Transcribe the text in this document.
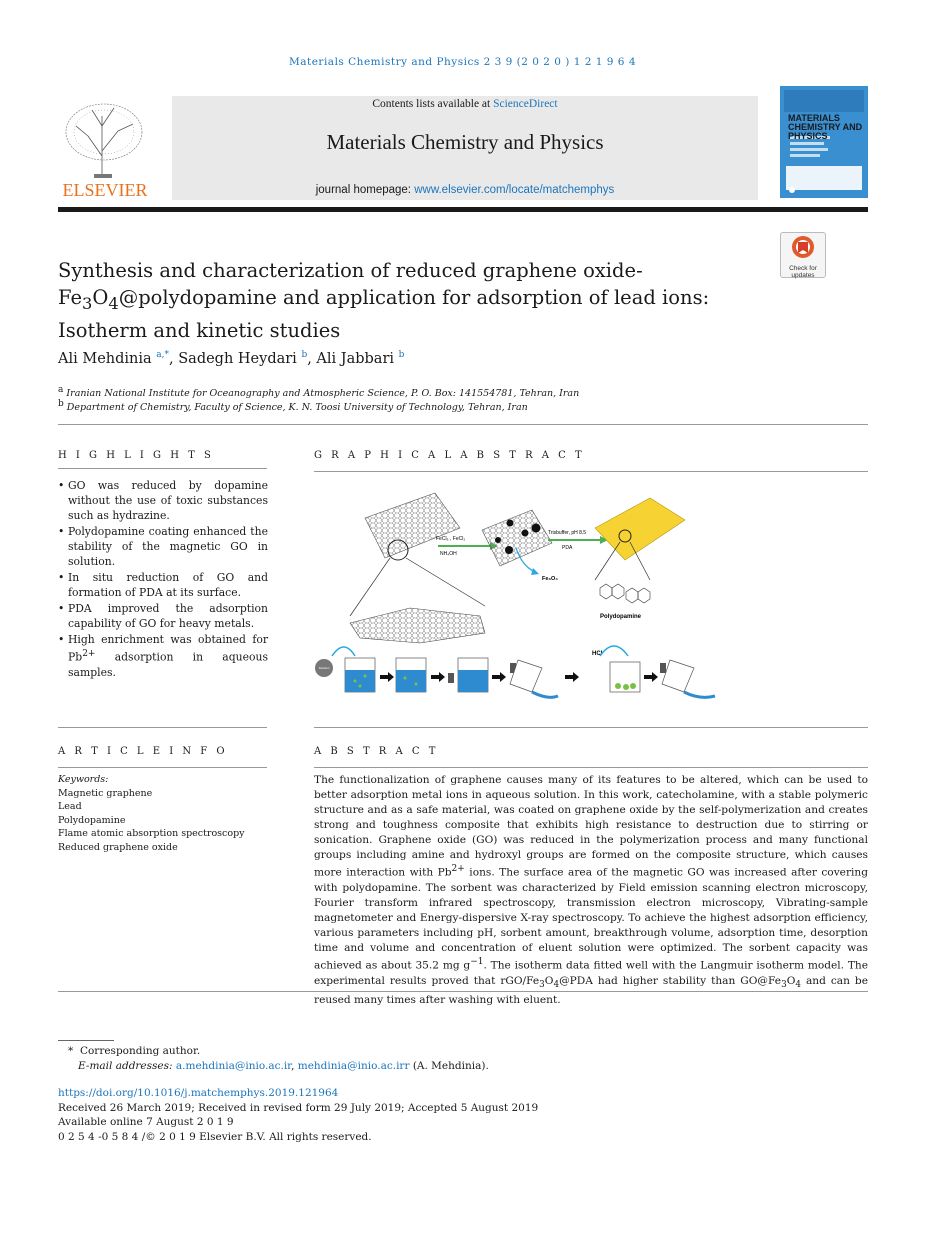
Materials Chemistry and Physics 2 3 9 (2 0 2 0 ) 1 2 1 9 6 4
ELSEVIER
Contents lists available at ScienceDirect
Materials Chemistry and Physics
journal homepage: www.elsevier.com/locate/matchemphys
MATERIALS CHEMISTRY AND PHYSICS
Check for updates
Synthesis and characterization of reduced graphene oxide-$Fe_3O_4@polydopamine$ and application for adsorption of lead ions: Isotherm and kinetic studies
Ali Mehdinia $^{a,*}$, Sadegh Heydari $^b$, Ali Jabbari $^b$
$^a$ Iranian National Institute for Oceanography and Atmospheric Science, P. O. Box: 141554781, Tehran, Iran
$^b$ Department of Chemistry, Faculty of Science, K. N. Toosi University of Technology, Tehran, Iran
H I G H L I G H T S
• GO was reduced by dopamine without the use of toxic substances such as hydrazine.
• Polydopamine coating enhanced the stability of the magnetic GO in solution.
• In situ reduction of GO and formation of PDA at its surface.
• PDA improved the adsorption capability of GO for heavy metals.
• High enrichment was obtained for $Pb^{2+}$ adsorption in aqueous samples.
G R A P H I C A L A B S T R A C T
FeCl₃ , FeCl₂
NH₄OH
Fe₃O₄
Trisbuffer, pH 8.5
PDA
Polydopamine
Solution
HCl
A R T I C L E I N F O
Keywords:
Magnetic graphene
Lead
Polydopamine
Flame atomic absorption spectroscopy
Reduced graphene oxide
A B S T R A C T
The functionalization of graphene causes many of its features to be altered, which can be used to better adsorption metal ions in aqueous solution. In this work, catecholamine, with a stable polymeric structure and as a safe material, was coated on graphene oxide by the self-polymerization and creates strong and toughness composite that exhibits high resistance to destruction due to stirring or sonication. Graphene oxide (GO) was reduced in the polymerization process and many functional groups including amine and hydroxyl groups are formed on the composite structure, which causes more interaction with $Pb^{2+}$ ions. The surface area of the magnetic GO was increased after covering with polydopamine. The sorbent was characterized by Field emission scanning electron microscopy, Fourier transform infrared spectroscopy, transmission electron microscopy, Vibrating-sample magnetometer and Energy-dispersive X-ray spectroscopy. To achieve the highest adsorption efficiency, various parameters including pH, sorbent amount, breakthrough volume, adsorption time, desorption time and volume and concentration of eluent solution were optimized. The sorbent capacity was achieved as about 35.2 mg $g^{-1}$. The isotherm data fitted well with the Langmuir isotherm model. The experimental results proved that rGO/$Fe_3O_4@PDA$ had higher stability than $GO@Fe_3O_4$ and can be reused many times after washing with eluent.
* Corresponding author.
E-mail addresses: a.mehdinia@inio.ac.ir, mehdinia@inio.ac.irr (A. Mehdinia).
https://doi.org/10.1016/j.matchemphys.2019.121964
Received 26 March 2019; Received in revised form 29 July 2019; Accepted 5 August 2019
Available online 7 August 2 0 1 9
0 2 5 4 -0 5 8 4 /© 2 0 1 9 Elsevier B.V. All rights reserved.
